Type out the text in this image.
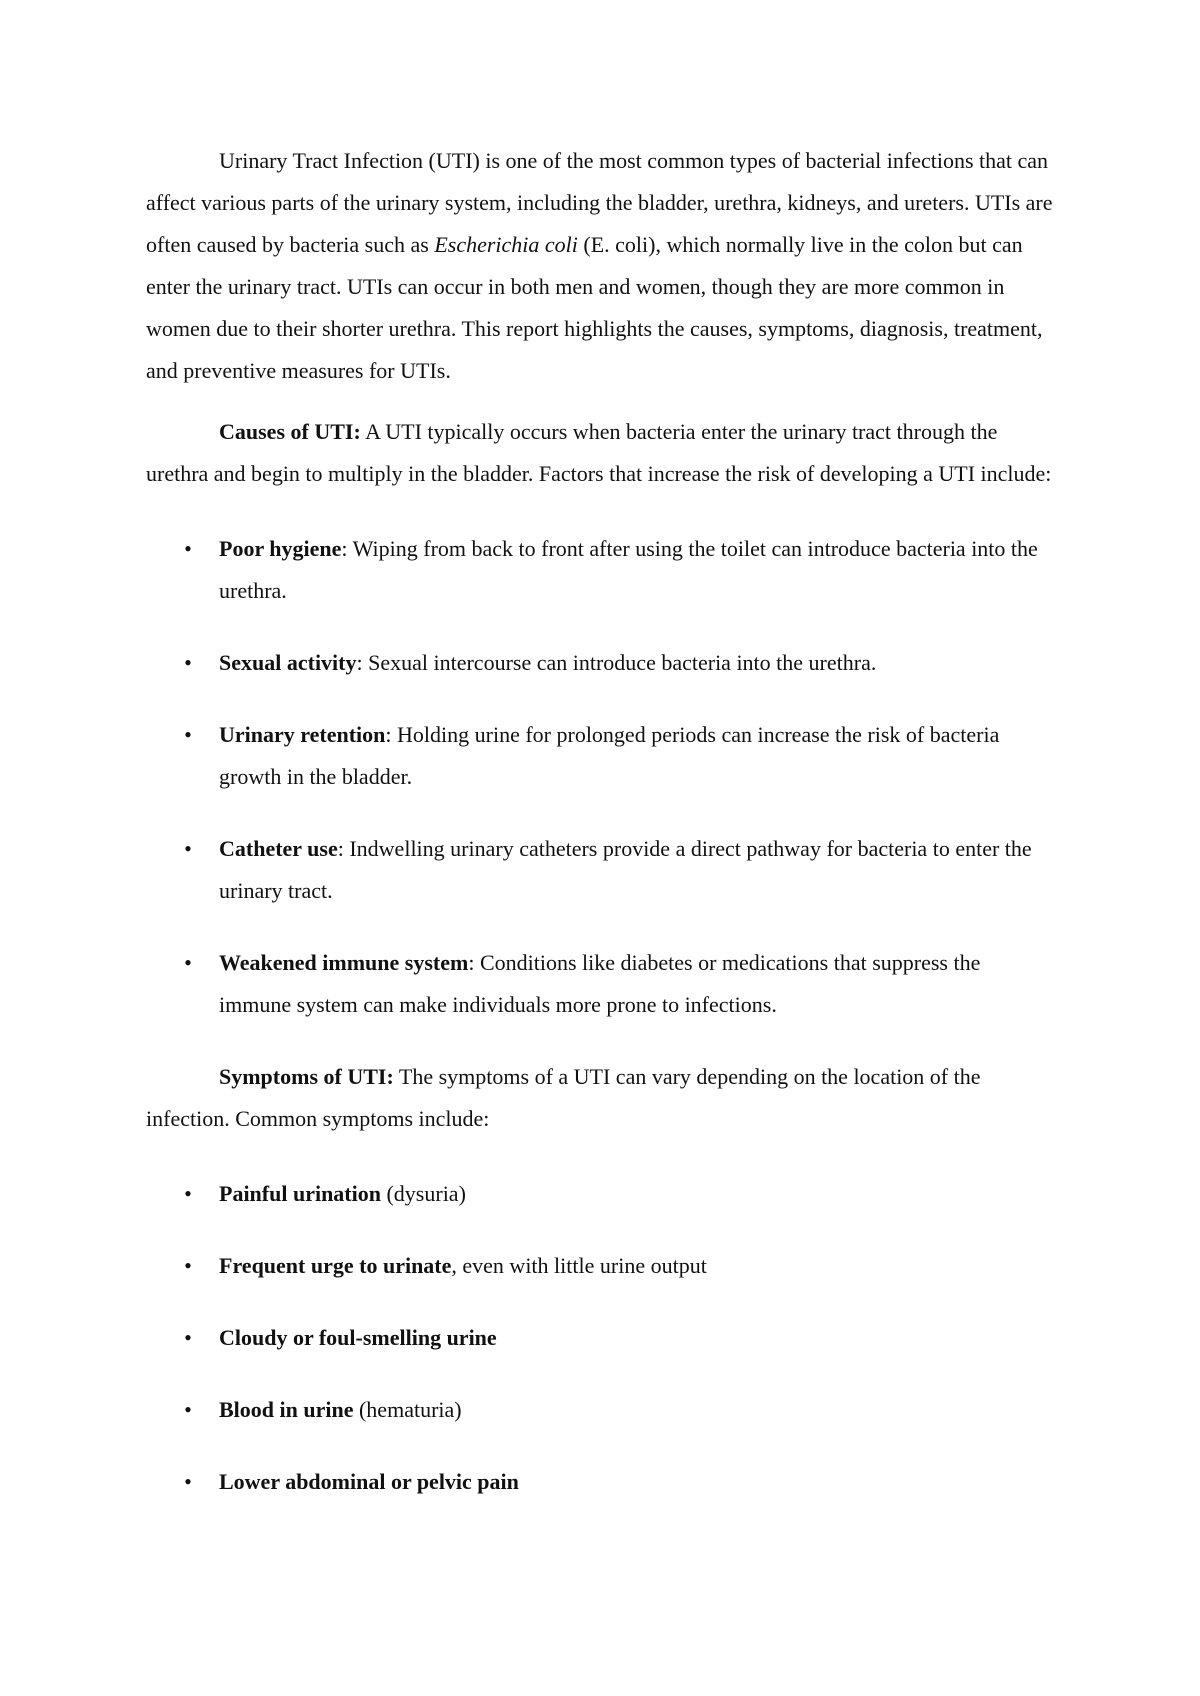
Urinary Tract Infection (UTI) is one of the most common types of bacterial infections that can affect various parts of the urinary system, including the bladder, urethra, kidneys, and ureters. UTIs are often caused by bacteria such as Escherichia coli (E. coli), which normally live in the colon but can enter the urinary tract. UTIs can occur in both men and women, though they are more common in women due to their shorter urethra. This report highlights the causes, symptoms, diagnosis, treatment, and preventive measures for UTIs.

Causes of UTI: A UTI typically occurs when bacteria enter the urinary tract through the urethra and begin to multiply in the bladder. Factors that increase the risk of developing a UTI include:

• Poor hygiene: Wiping from back to front after using the toilet can introduce bacteria into the urethra.
• Sexual activity: Sexual intercourse can introduce bacteria into the urethra.
• Urinary retention: Holding urine for prolonged periods can increase the risk of bacteria growth in the bladder.
• Catheter use: Indwelling urinary catheters provide a direct pathway for bacteria to enter the urinary tract.
• Weakened immune system: Conditions like diabetes or medications that suppress the immune system can make individuals more prone to infections.

Symptoms of UTI: The symptoms of a UTI can vary depending on the location of the infection. Common symptoms include:

• Painful urination (dysuria)
• Frequent urge to urinate, even with little urine output
• Cloudy or foul-smelling urine
• Blood in urine (hematuria)
• Lower abdominal or pelvic pain
